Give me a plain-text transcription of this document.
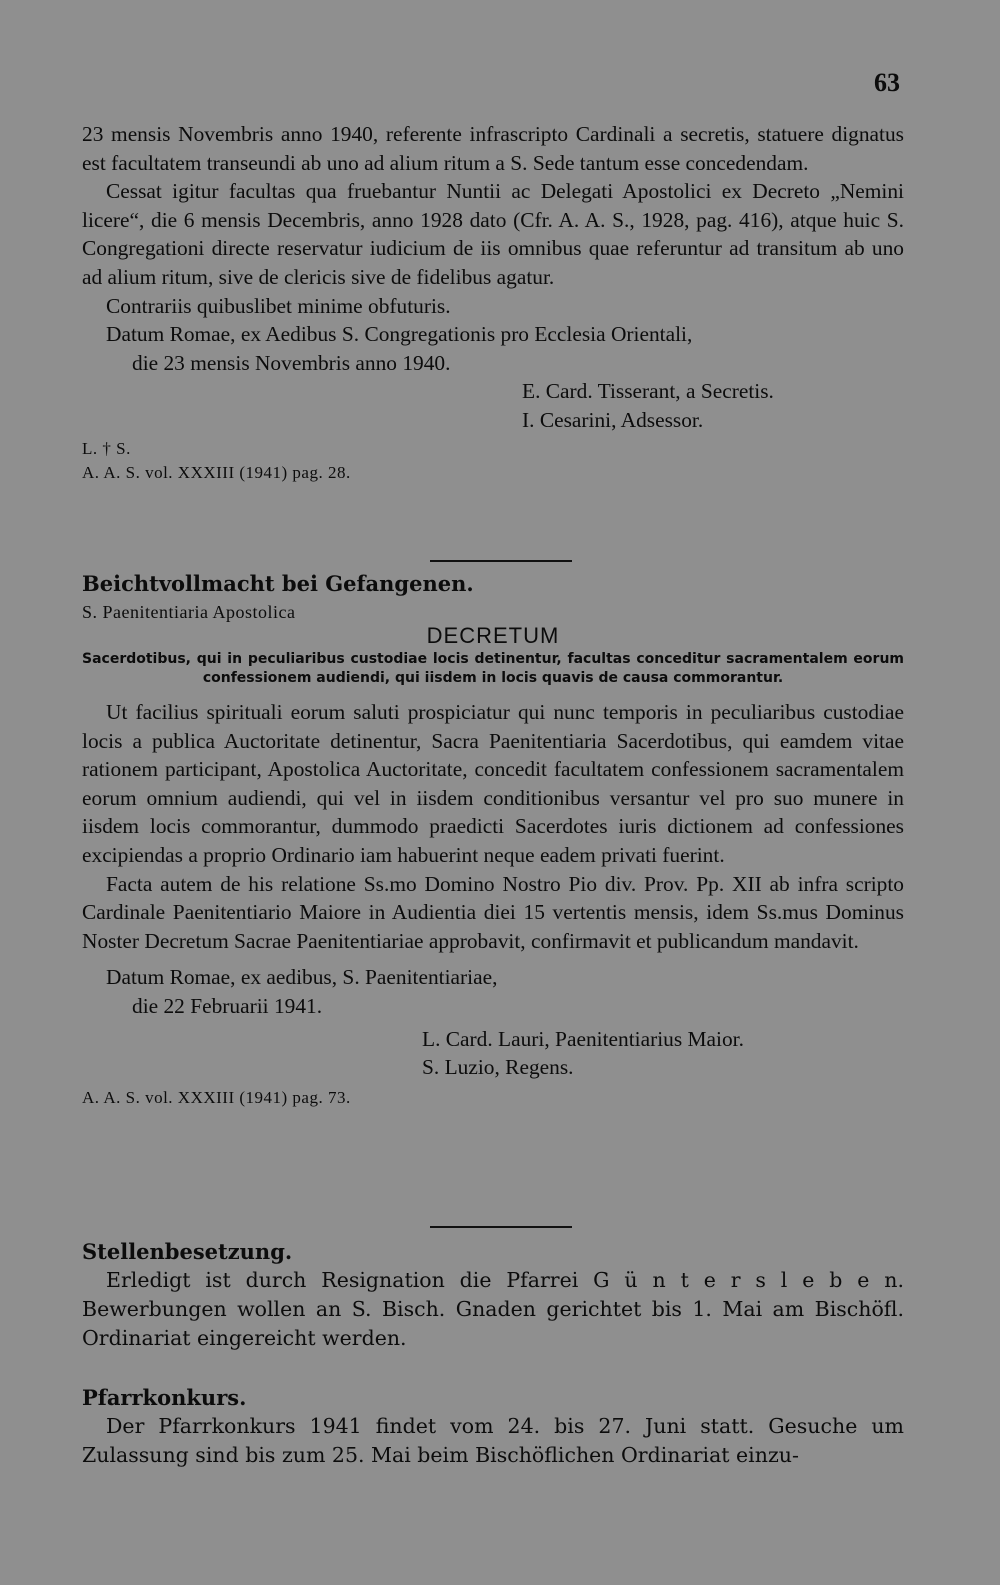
63

23 mensis Novembris anno 1940, referente infrascripto Cardinali a secretis, statuere dignatus est facultatem transeundi ab uno ad alium ritum a S. Sede tantum esse concedendam.

Cessat igitur facultas qua fruebantur Nuntii ac Delegati Apostolici ex Decreto „Nemini licere“, die 6 mensis Decembris, anno 1928 dato (Cfr. A. A. S., 1928, pag. 416), atque huic S. Congregationi directe reservatur iudicium de iis omnibus quae referuntur ad transitum ab uno ad alium ritum, sive de clericis sive de fidelibus agatur.

Contrariis quibuslibet minime obfuturis.

Datum Romae, ex Aedibus S. Congregationis pro Ecclesia Orientali,

die 23 mensis Novembris anno 1940.

E. Card. Tisserant, a Secretis.

I. Cesarini, Adsessor.

L. † S.

A. A. S. vol. XXXIII (1941) pag. 28.

Beichtvollmacht bei Gefangenen.

S. Paenitentiaria Apostolica

DECRETUM

Sacerdotibus, qui in peculiaribus custodiae locis detinentur, facultas conceditur sacramentalem eorum confessionem audiendi, qui iisdem in locis quavis de causa commorantur.

Ut facilius spirituali eorum saluti prospiciatur qui nunc temporis in peculiaribus custodiae locis a publica Auctoritate detinentur, Sacra Paenitentiaria Sacerdotibus, qui eamdem vitae rationem participant, Apostolica Auctoritate, concedit facultatem confessionem sacramentalem eorum omnium audiendi, qui vel in iisdem conditionibus versantur vel pro suo munere in iisdem locis commorantur, dummodo praedicti Sacerdotes iuris dictionem ad confessiones excipiendas a proprio Ordinario iam habuerint neque eadem privati fuerint.

Facta autem de his relatione Ss.mo Domino Nostro Pio div. Prov. Pp. XII ab infra scripto Cardinale Paenitentiario Maiore in Audientia diei 15 vertentis mensis, idem Ss.mus Dominus Noster Decretum Sacrae Paenitentiariae approbavit, confirmavit et publicandum mandavit.

Datum Romae, ex aedibus, S. Paenitentiariae,

die 22 Februarii 1941.

L. Card. Lauri, Paenitentiarius Maior.

S. Luzio, Regens.

A. A. S. vol. XXXIII (1941) pag. 73.

Stellenbesetzung.

Erledigt ist durch Resignation die Pfarrei G ü n t e r s l e b e n. Bewerbungen wollen an S. Bisch. Gnaden gerichtet bis 1. Mai am Bischöfl. Ordinariat eingereicht werden.

Pfarrkonkurs.

Der Pfarrkonkurs 1941 findet vom 24. bis 27. Juni statt. Gesuche um Zulassung sind bis zum 25. Mai beim Bischöflichen Ordinariat einzu-
